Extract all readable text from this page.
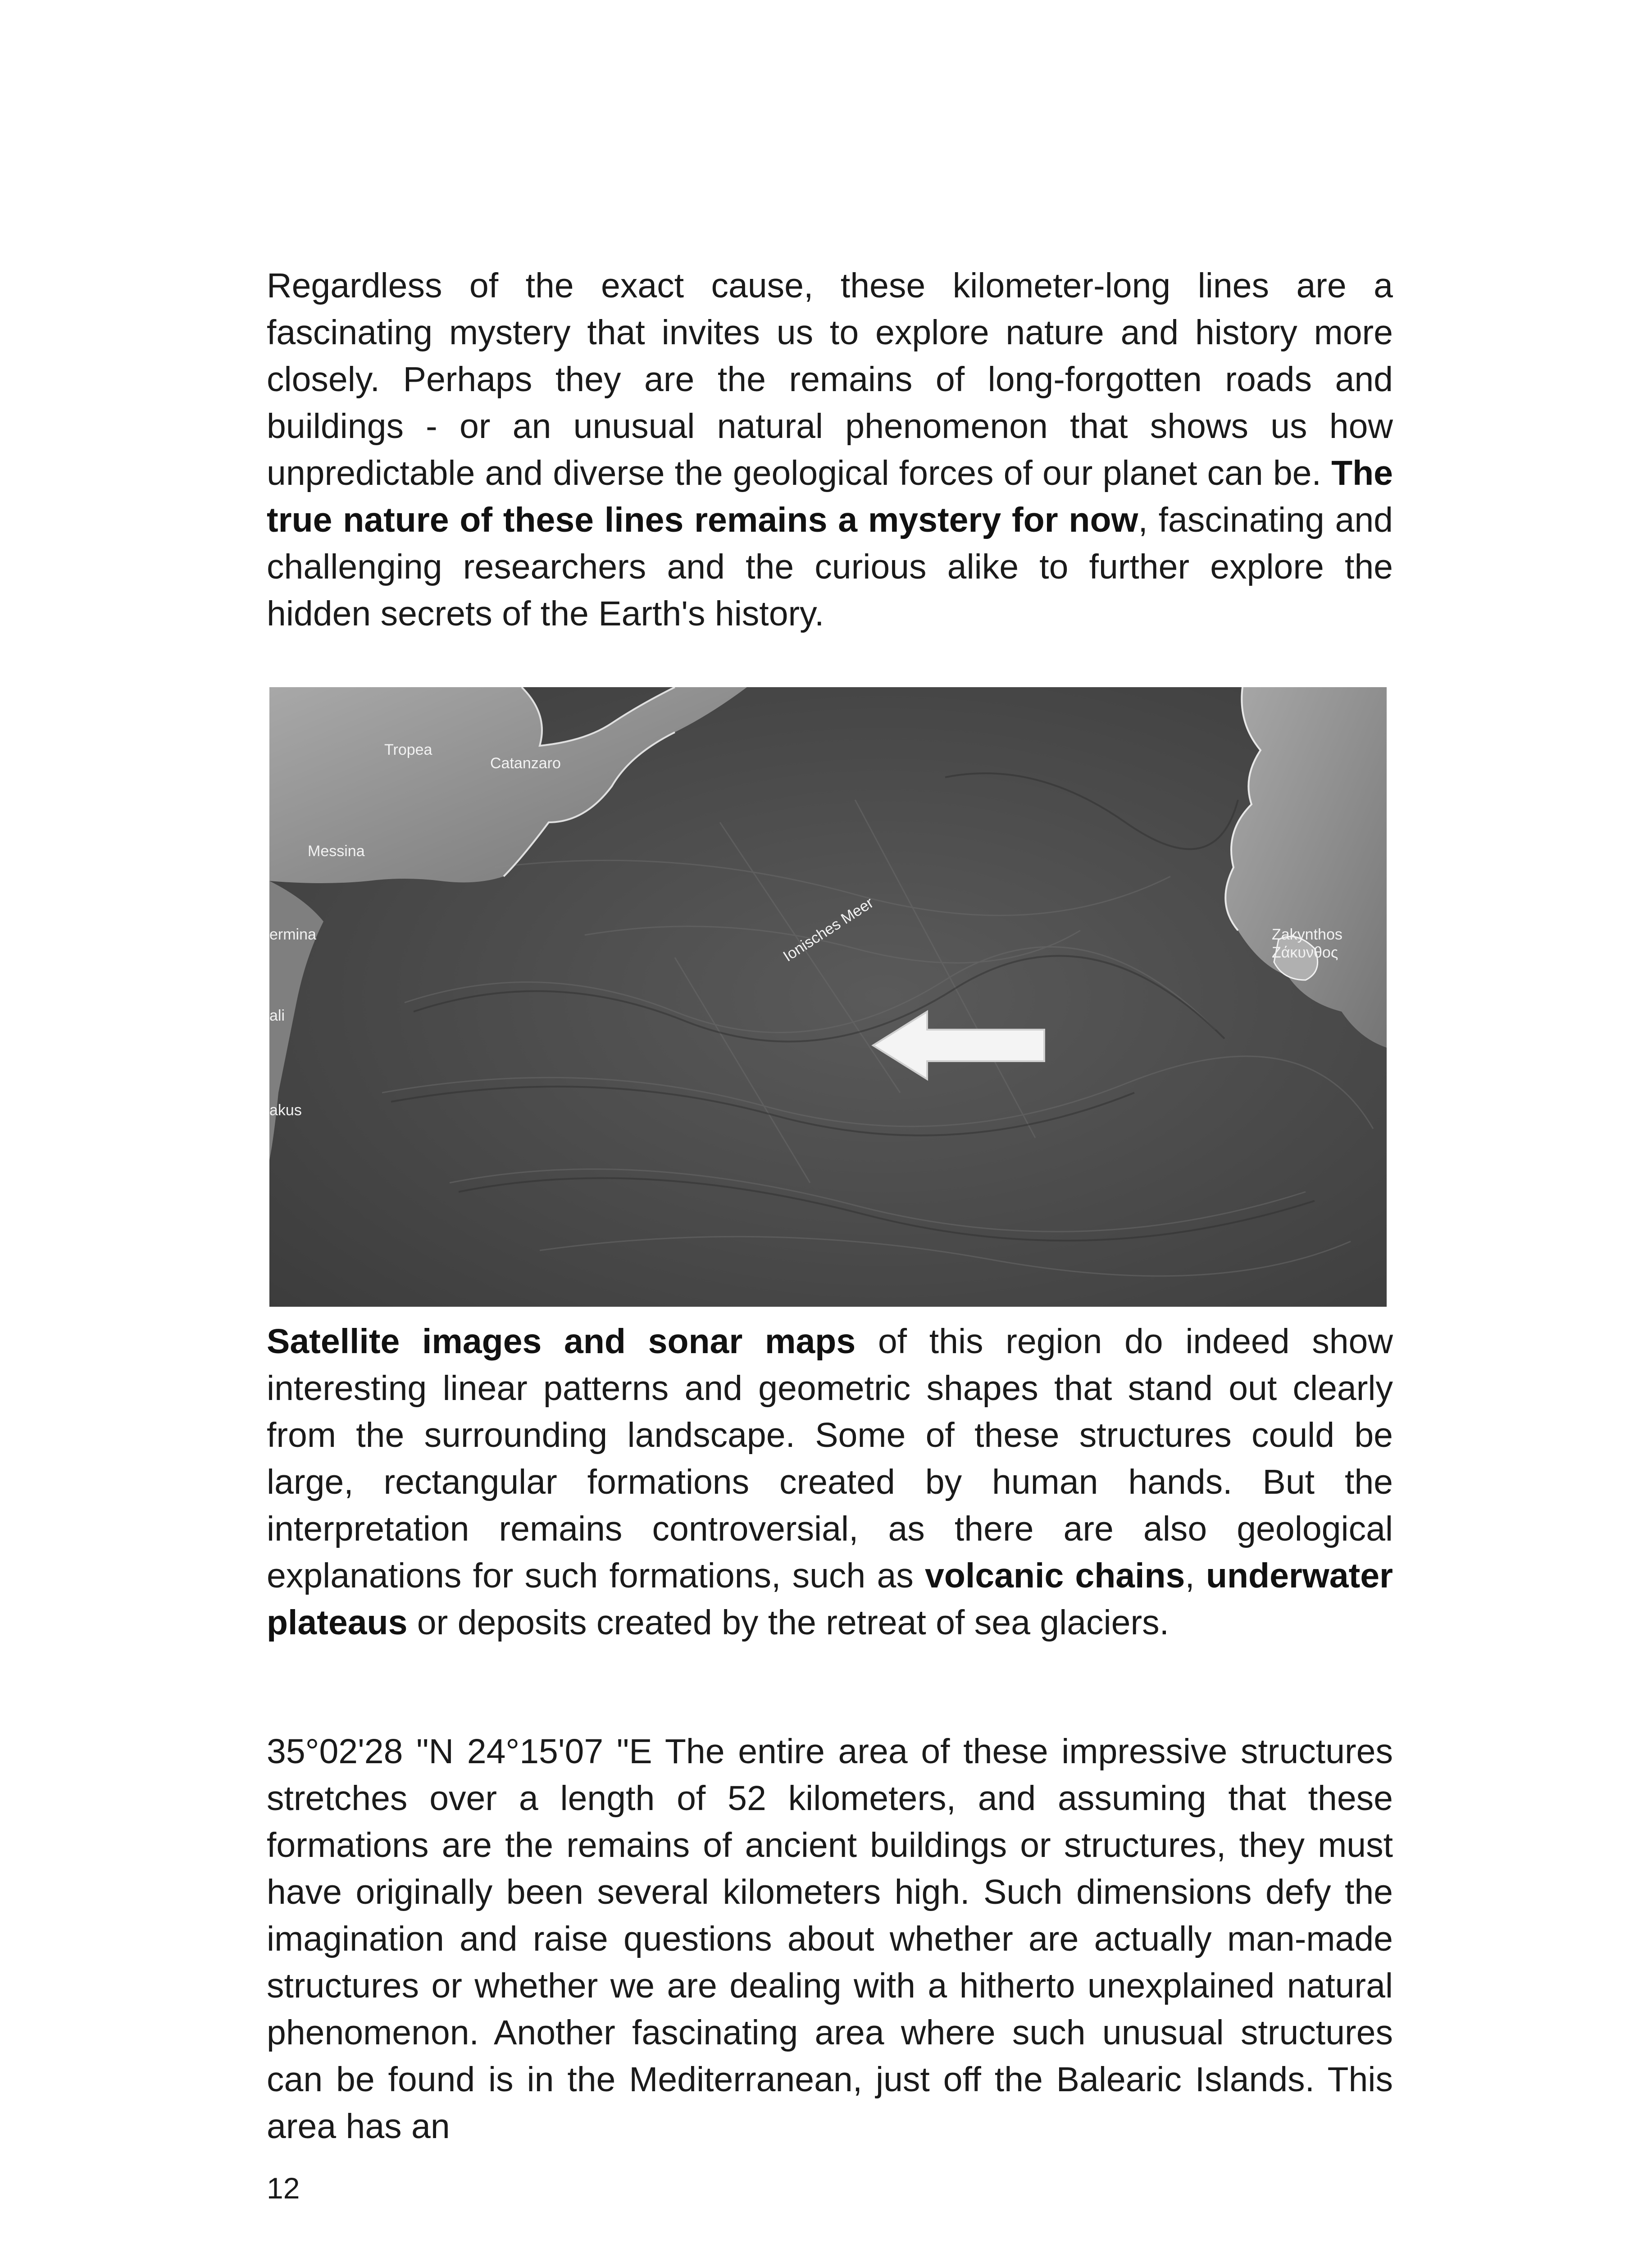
Regardless of the exact cause, these kilometer-long lines are a fascinating mystery that invites us to explore nature and history more closely. Perhaps they are the remains of long-forgotten roads and buildings - or an unusual natural phenomenon that shows us how unpredictable and diverse the geological forces of our planet can be. The true nature of these lines remains a mystery for now, fascinating and challenging researchers and the curious alike to further explore the hidden secrets of the Earth's history.

Tropea
Catanzaro
Messina
ermina
ali
akus
Zakynthos
Ζάκυνθος
Ionisches Meer

Satellite images and sonar maps of this region do indeed show interesting linear patterns and geometric shapes that stand out clearly from the surrounding landscape. Some of these structures could be large, rectangular formations created by human hands. But the interpretation remains controversial, as there are also geological explanations for such formations, such as volcanic chains, underwater plateaus or deposits created by the retreat of sea glaciers.

35°02'28 "N 24°15'07 "E The entire area of these impressive structures stretches over a length of 52 kilometers, and assuming that these formations are the remains of ancient buildings or structures, they must have originally been several kilometers high. Such dimensions defy the imagination and raise questions about whether are actually man-made structures or whether we are dealing with a hitherto unexplained natural phenomenon. Another fascinating area where such unusual structures can be found is in the Mediterranean, just off the Balearic Islands. This area has an

12
